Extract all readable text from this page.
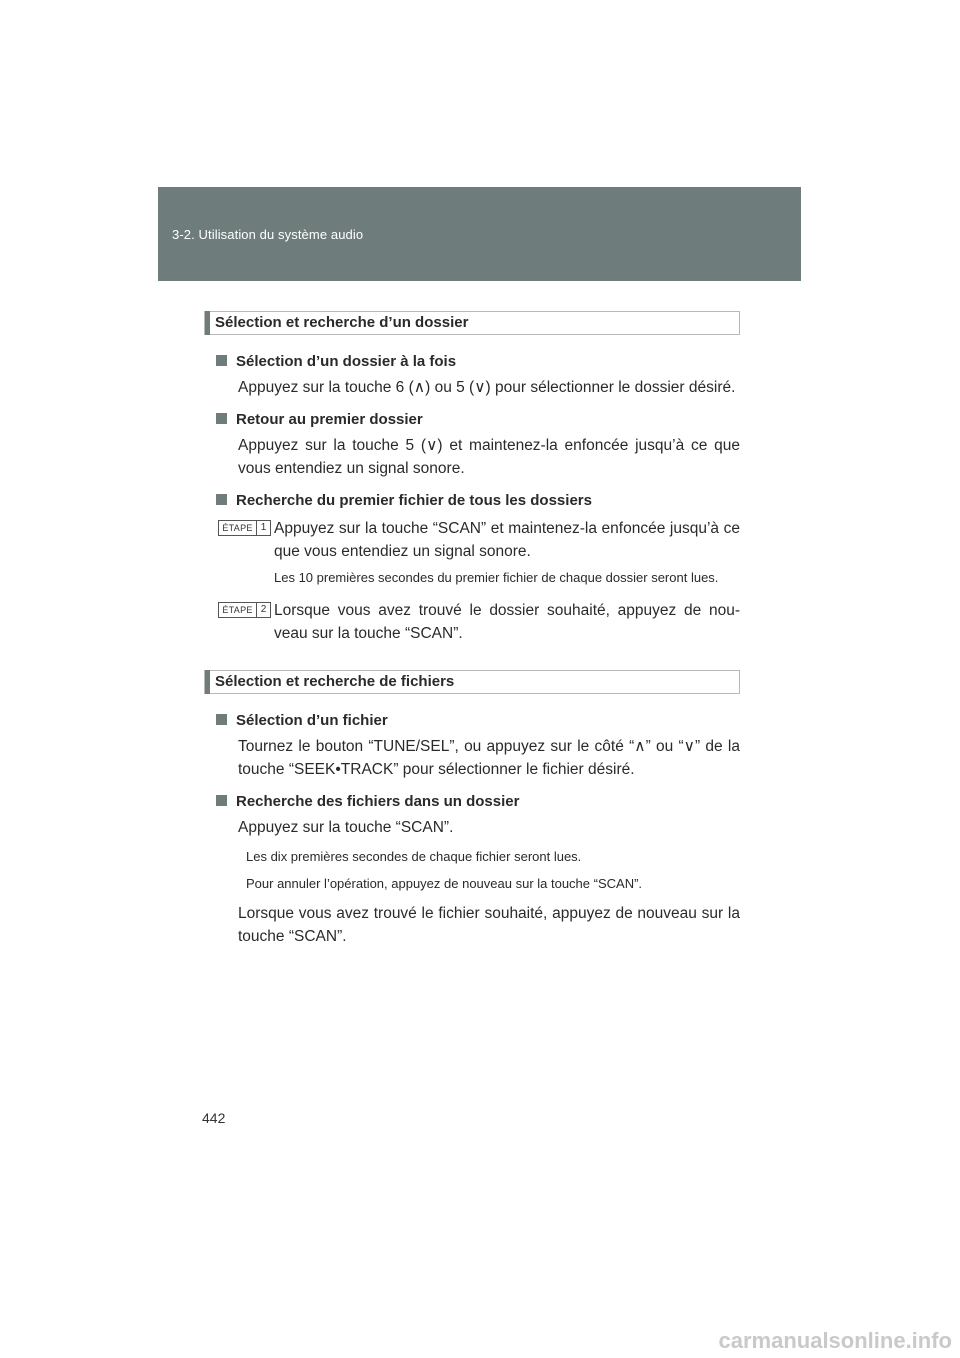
3-2. Utilisation du système audio
Sélection et recherche d’un dossier
Sélection d’un dossier à la fois
Appuyez sur la touche 6 (∧) ou 5 (∨) pour sélectionner le dossier désiré.
Retour au premier dossier
Appuyez sur la touche 5 (∨) et maintenez-la enfoncée jusqu’à ce que vous entendiez un signal sonore.
Recherche du premier fichier de tous les dossiers
ÉTAPE 1 Appuyez sur la touche “SCAN” et maintenez-la enfoncée jusqu’à ce que vous entendiez un signal sonore.
Les 10 premières secondes du premier fichier de chaque dossier seront lues.
ÉTAPE 2 Lorsque vous avez trouvé le dossier souhaité, appuyez de nou-veau sur la touche “SCAN”.
Sélection et recherche de fichiers
Sélection d’un fichier
Tournez le bouton “TUNE/SEL”, ou appuyez sur le côté “∧” ou “∨” de la touche “SEEK•TRACK” pour sélectionner le fichier désiré.
Recherche des fichiers dans un dossier
Appuyez sur la touche “SCAN”.
Les dix premières secondes de chaque fichier seront lues.
Pour annuler l’opération, appuyez de nouveau sur la touche “SCAN”.
Lorsque vous avez trouvé le fichier souhaité, appuyez de nouveau sur la touche “SCAN”.
442
carmanualsonline.info
